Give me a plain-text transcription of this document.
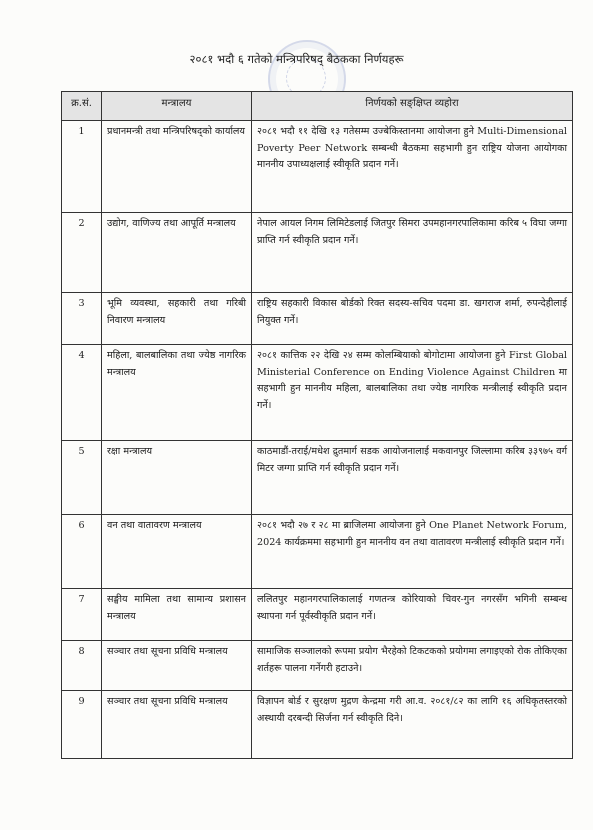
२०८१ भदौ ६ गतेको मन्त्रिपरिषद् बैठकका निर्णयहरू
क्र.सं.	मन्त्रालय	निर्णयको सङ्क्षिप्त व्यहोरा
1	प्रधानमन्त्री तथा मन्त्रिपरिषद्को कार्यालय	२०८१ भदौ ११ देखि १३ गतेसम्म उज्बेकिस्तानमा आयोजना हुने Multi-Dimensional Poverty Peer Network सम्बन्धी बैठकमा सहभागी हुन राष्ट्रिय योजना आयोगका माननीय उपाध्यक्षलाई स्वीकृति प्रदान गर्ने।
2	उद्योग, वाणिज्य तथा आपूर्ति मन्त्रालय	नेपाल आयल निगम लिमिटेडलाई जितपुर सिमरा उपमहानगरपालिकामा करिब ५ विघा जग्गा प्राप्ति गर्न स्वीकृति प्रदान गर्ने।
3	भूमि व्यवस्था, सहकारी तथा गरिबी निवारण मन्त्रालय	राष्ट्रिय सहकारी विकास बोर्डको रिक्त सदस्य-सचिव पदमा डा. खगराज शर्मा, रुपन्देहीलाई नियुक्त गर्ने।
4	महिला, बालबालिका तथा ज्येष्ठ नागरिक मन्त्रालय	२०८१ कात्तिक २२ देखि २४ सम्म कोलम्बियाको बोगोटामा आयोजना हुने First Global Ministerial Conference on Ending Violence Against Children मा सहभागी हुन माननीय महिला, बालबालिका तथा ज्येष्ठ नागरिक मन्त्रीलाई स्वीकृति प्रदान गर्ने।
5	रक्षा मन्त्रालय	काठमाडौं-तराई/मधेश द्रुतमार्ग सडक आयोजनालाई मकवानपुर जिल्लामा करिब ३३९७५ वर्ग मिटर जग्गा प्राप्ति गर्न स्वीकृति प्रदान गर्ने।
6	वन तथा वातावरण मन्त्रालय	२०८१ भदौ २७ र २८ मा ब्राजिलमा आयोजना हुने One Planet Network Forum, 2024 कार्यक्रममा सहभागी हुन माननीय वन तथा वातावरण मन्त्रीलाई स्वीकृति प्रदान गर्ने।
7	सङ्घीय मामिला तथा सामान्य प्रशासन मन्त्रालय	ललितपुर महानगरपालिकालाई गणतन्त्र कोरियाको चिवर-गुन नगरसँग भगिनी सम्बन्ध स्थापना गर्न पूर्वस्वीकृति प्रदान गर्ने।
8	सञ्चार तथा सूचना प्रविधि मन्त्रालय	सामाजिक सञ्जालको रूपमा प्रयोग भैरहेको टिकटकको प्रयोगमा लगाइएको रोक तोकिएका शर्तहरू पालना गर्नेगरी हटाउने।
9	सञ्चार तथा सूचना प्रविधि मन्त्रालय	विज्ञापन बोर्ड र सुरक्षण मुद्रण केन्द्रमा गरी आ.व. २०८१/८२ का लागि १६ अधिकृतस्तरको अस्थायी दरबन्दी सिर्जना गर्न स्वीकृति दिने।
